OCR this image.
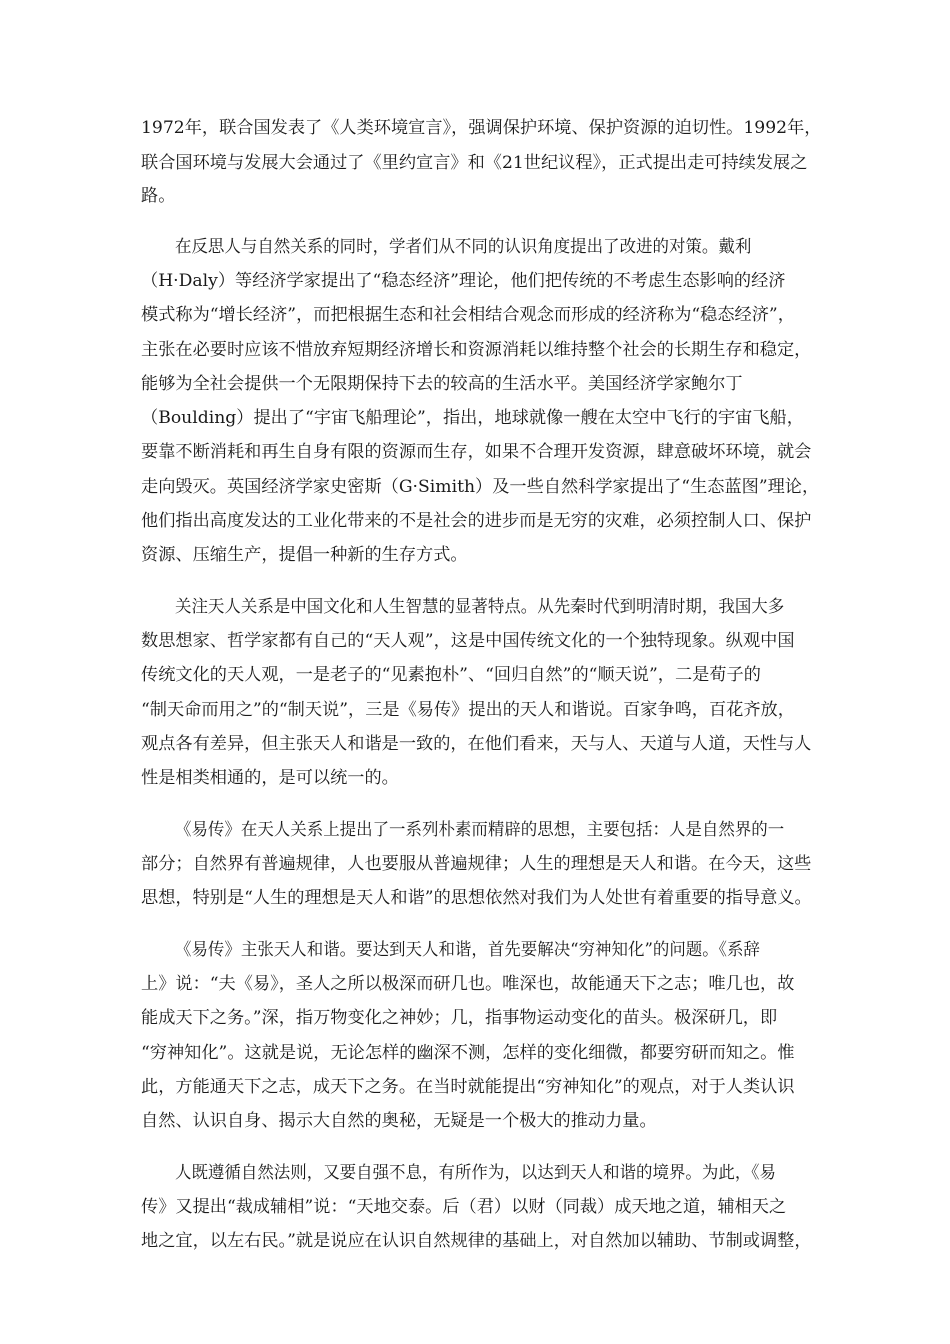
1972年，联合国发表了《人类环境宣言》，强调保护环境、保护资源的迫切性。1992年，
联合国环境与发展大会通过了《里约宣言》和《21世纪议程》，正式提出走可持续发展之
路。
在反思人与自然关系的同时，学者们从不同的认识角度提出了改进的对策。戴利
（H·Daly）等经济学家提出了“稳态经济”理论，他们把传统的不考虑生态影响的经济
模式称为“增长经济”，而把根据生态和社会相结合观念而形成的经济称为“稳态经济”，
主张在必要时应该不惜放弃短期经济增长和资源消耗以维持整个社会的长期生存和稳定，
能够为全社会提供一个无限期保持下去的较高的生活水平。美国经济学家鲍尔丁
（Boulding）提出了“宇宙飞船理论”，指出，地球就像一艘在太空中飞行的宇宙飞船，
要靠不断消耗和再生自身有限的资源而生存，如果不合理开发资源，肆意破坏环境，就会
走向毁灭。英国经济学家史密斯（G·Simith）及一些自然科学家提出了“生态蓝图”理论，
他们指出高度发达的工业化带来的不是社会的进步而是无穷的灾难，必须控制人口、保护
资源、压缩生产，提倡一种新的生存方式。
关注天人关系是中国文化和人生智慧的显著特点。从先秦时代到明清时期，我国大多
数思想家、哲学家都有自己的“天人观”，这是中国传统文化的一个独特现象。纵观中国
传统文化的天人观，一是老子的“见素抱朴”、“回归自然”的“顺天说”，二是荀子的
“制天命而用之”的“制天说”，三是《易传》提出的天人和谐说。百家争鸣，百花齐放，
观点各有差异，但主张天人和谐是一致的，在他们看来，天与人、天道与人道，天性与人
性是相类相通的，是可以统一的。
《易传》在天人关系上提出了一系列朴素而精辟的思想，主要包括：人是自然界的一
部分；自然界有普遍规律，人也要服从普遍规律；人生的理想是天人和谐。在今天，这些
思想，特别是“人生的理想是天人和谐”的思想依然对我们为人处世有着重要的指导意义。
《易传》主张天人和谐。要达到天人和谐，首先要解决“穷神知化”的问题。《系辞
上》说：“夫《易》，圣人之所以极深而研几也。唯深也，故能通天下之志；唯几也，故
能成天下之务。”深，指万物变化之神妙；几，指事物运动变化的苗头。极深研几，即
“穷神知化”。这就是说，无论怎样的幽深不测，怎样的变化细微，都要穷研而知之。惟
此，方能通天下之志，成天下之务。在当时就能提出“穷神知化”的观点，对于人类认识
自然、认识自身、揭示大自然的奥秘，无疑是一个极大的推动力量。
人既遵循自然法则，又要自强不息，有所作为，以达到天人和谐的境界。为此，《易
传》又提出“裁成辅相”说：“天地交泰。后（君）以财（同裁）成天地之道，辅相天之
地之宜，以左右民。”就是说应在认识自然规律的基础上，对自然加以辅助、节制或调整，
